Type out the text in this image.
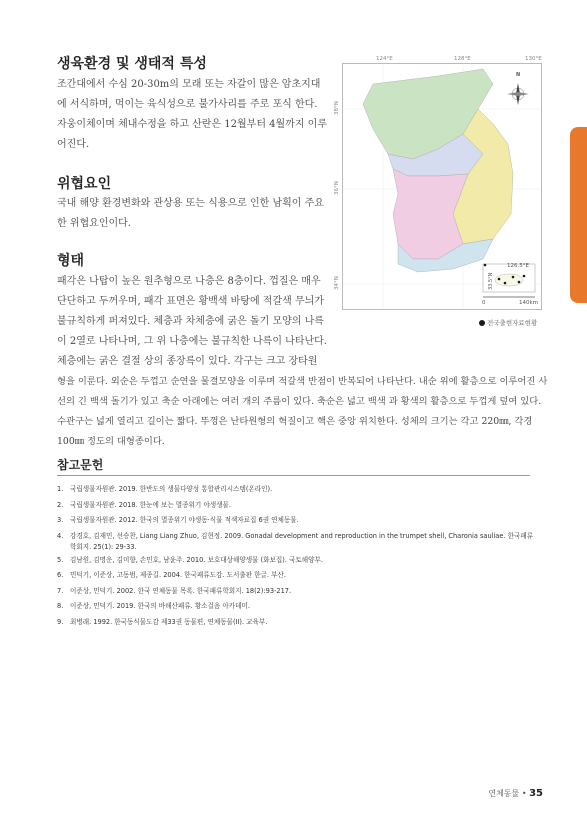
생육환경 및 생태적 특성
조간대에서 수심 20-30m의 모래 또는 자갈이 많은 암초지대
에 서식하며, 먹이는 육식성으로 불가사리를 주로 포식 한다.
자웅이체이며 체내수정을 하고 산란은 12월부터 4월까지 이루
어진다.
위협요인
국내 해양 환경변화와 관상용 또는 식용으로 인한 남획이 주요
한 위협요인이다.
형태
패각은 나탑이 높은 원추형으로 나층은 8층이다. 껍질은 매우
단단하고 두꺼우며, 패각 표면은 황백색 바탕에 적갈색 무늬가
불규칙하게 퍼져있다. 체층과 차체층에 굵은 돌기 모양의 나륵
이 2열로 나타나며, 그 위 나층에는 불규칙한 나륵이 나타난다.
체층에는 굵은 결절 상의 종장륵이 있다. 각구는 크고 장타원
형을 이룬다. 외순은 두껍고 순연을 물결모양을 이루며 적갈색 반점이 반복되어 나타난다. 내순 위에 활층으로 이루어진 사
선의 긴 백색 돌기가 있고 축순 아래에는 여러 개의 주름이 있다. 축순은 넓고 백색 과 황색의 활층으로 두껍게 덮여 있다.
수관구는 넓게 열리고 길이는 짧다. 뚜껑은 난타원형의 혁질이고 핵은 중앙 위치한다. 성체의 크기는 각고 220㎜, 각경
100㎜ 정도의 대형종이다.
124°E	128°E	130°E
38°N
36°N
34°N
N
126.5°E
33.5°N
0	140km
전국출현자료현황
참고문헌
1.	국립생물자원관. 2019. 한반도의 생물다양성 통합관리시스템(온라인).
2.	국립생물자원관. 2018. 한눈에 보는 멸종위기 야생생물.
3.	국립생물자원관. 2012. 한국의 멸종위기 야생동·식물 적색자료집 6권 연체동물.
4.	강경호, 김재민, 선승찬, Liang Liang Zhuo, 김현정. 2009. Gonadal development and reproduction in the trumpet shell, Charonia sauliae. 한국패류학회지. 25(1): 29-33.
5.	김남원, 김명운, 김미향, 손민호, 남윤주. 2010. 보호대상해양생물 (화보집). 국토해양부.
6.	민덕기, 이준상, 고동범, 제종길. 2004. 한국패류도감. 도서출판 한글. 부산.
7.	이준상, 민덕기. 2002. 한국 연체동물 목록. 한국패류학회지. 18(2):93-217.
8.	이준상, 민덕기. 2019. 한국의 바해산패류. 황소걸음 아카데미.
9.	최병래. 1992. 한국동식물도감 제33권 동물편, 연체동물(II). 교육부.
연체동물 • 35
